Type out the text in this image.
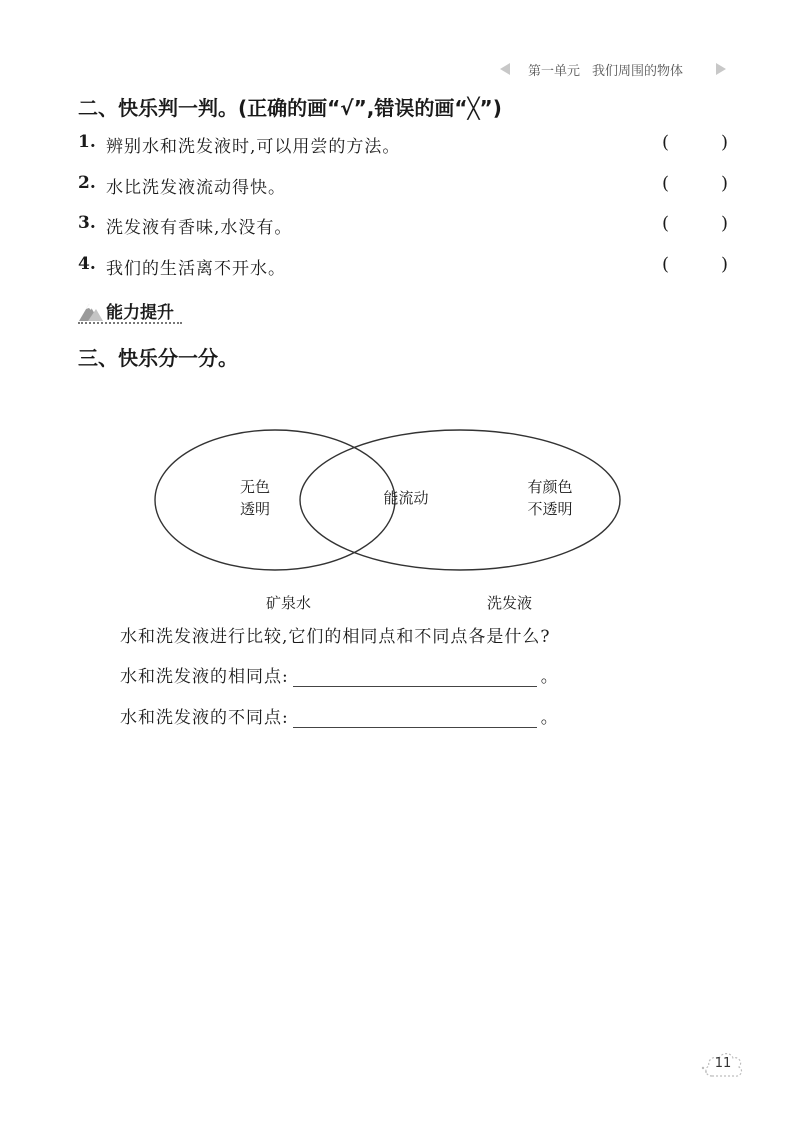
第一单元 我们周围的物体
二、快乐判一判。(正确的画“√”,错误的画“╳”)
1. 辨别水和洗发液时,可以用尝的方法。	(	)
2. 水比洗发液流动得快。	(	)
3. 洗发液有香味,水没有。	(	)
4. 我们的生活离不开水。	(	)
能力提升
三、快乐分一分。
无色
透明
能流动
有颜色
不透明
矿泉水	洗发液
水和洗发液进行比较,它们的相同点和不同点各是什么?
水和洗发液的相同点:	。
水和洗发液的不同点:	。
11
